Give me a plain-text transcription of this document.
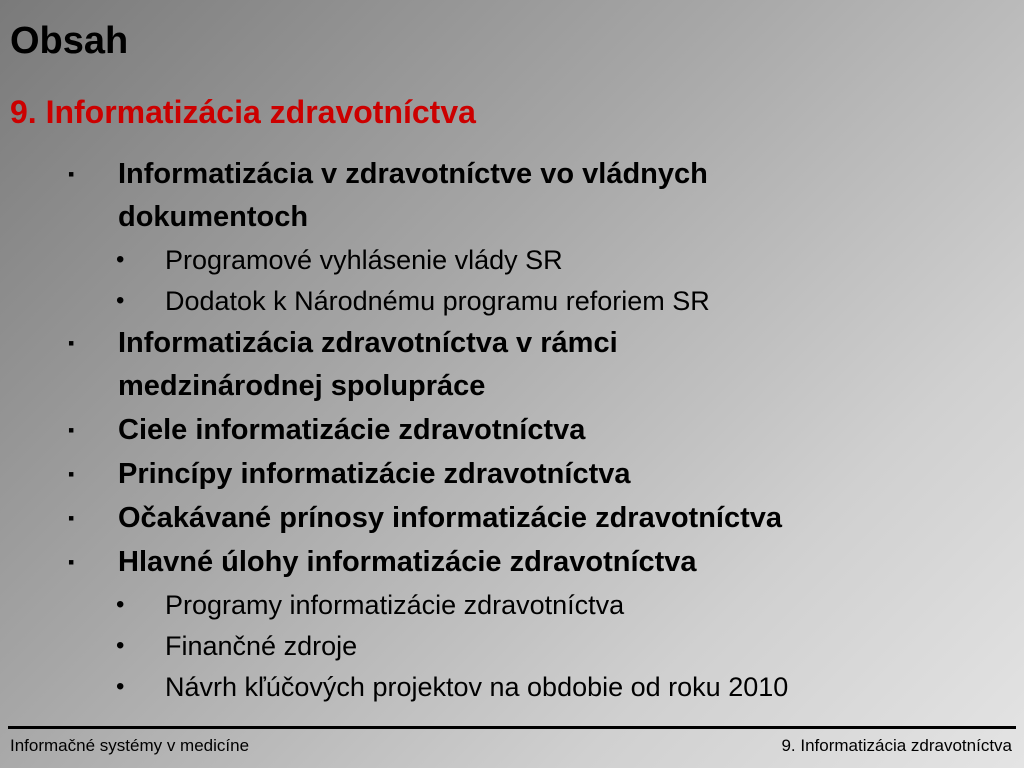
Obsah
9. Informatizácia zdravotníctva
▪ Informatizácia v zdravotníctve vo vládnych dokumentoch
• Programové vyhlásenie vlády SR
• Dodatok k Národnému programu reforiem SR
▪ Informatizácia zdravotníctva v rámci medzinárodnej spolupráce
▪ Ciele informatizácie zdravotníctva
▪ Princípy informatizácie zdravotníctva
▪ Očakávané prínosy informatizácie zdravotníctva
▪ Hlavné úlohy informatizácie zdravotníctva
• Programy informatizácie zdravotníctva
• Finančné zdroje
• Návrh kľúčových projektov na obdobie od roku 2010
Informačné systémy v medicíne	9. Informatizácia zdravotníctva
